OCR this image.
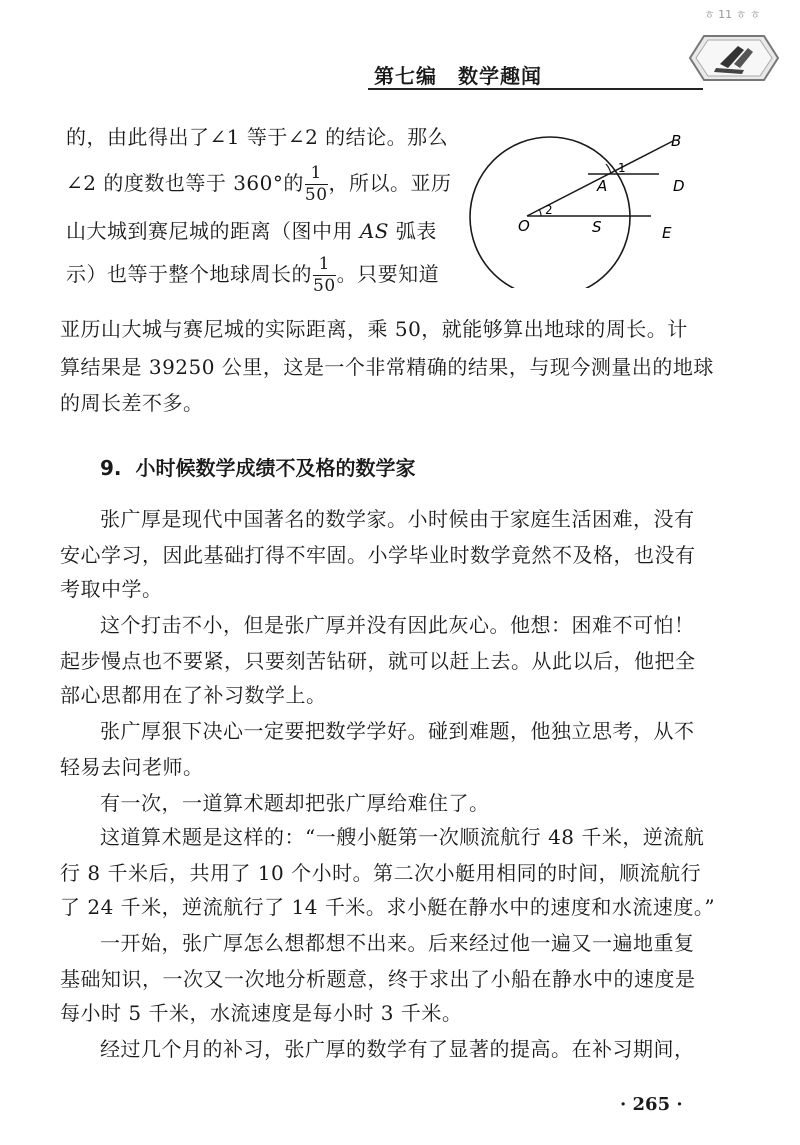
ㅎ 11 ㅎ ㅎ
第七编　数学趣闻

的，由此得出了∠1 等于∠2 的结论。那么

∠2 的度数也等于 360°的 $\frac{1}{50}$ ，所以。亚历

山大城到赛尼城的距离（图中用 AS 弧表

示）也等于整个地球周长的 $\frac{1}{50}$ 。只要知道

亚历山大城与赛尼城的实际距离，乘 50，就能够算出地球的周长。计

算结果是 39250 公里，这是一个非常精确的结果，与现今测量出的地球

的周长差不多。

B
A	D
O	S	E
1
2
9.  小时候数学成绩不及格的数学家

张广厚是现代中国著名的数学家。小时候由于家庭生活困难，没有

安心学习，因此基础打得不牢固。小学毕业时数学竟然不及格，也没有

考取中学。

这个打击不小，但是张广厚并没有因此灰心。他想：困难不可怕！

起步慢点也不要紧，只要刻苦钻研，就可以赶上去。从此以后，他把全

部心思都用在了补习数学上。

张广厚狠下决心一定要把数学学好。碰到难题，他独立思考，从不

轻易去问老师。

有一次，一道算术题却把张广厚给难住了。

这道算术题是这样的：“一艘小艇第一次顺流航行 48 千米，逆流航

行 8 千米后，共用了 10 个小时。第二次小艇用相同的时间，顺流航行

了 24 千米，逆流航行了 14 千米。求小艇在静水中的速度和水流速度。”

一开始，张广厚怎么想都想不出来。后来经过他一遍又一遍地重复

基础知识，一次又一次地分析题意，终于求出了小船在静水中的速度是

每小时 5 千米，水流速度是每小时 3 千米。

经过几个月的补习，张广厚的数学有了显著的提高。在补习期间，

· 265 ·
